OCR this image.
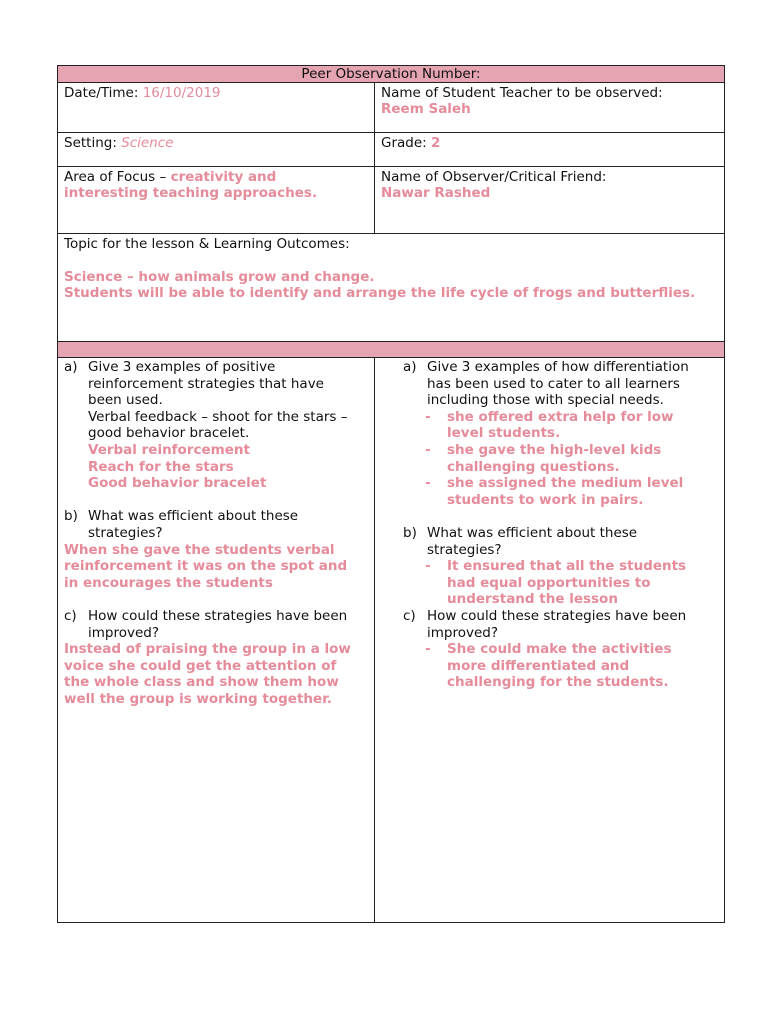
Peer Observation Number:
Date/Time: 16/10/2019	Name of Student Teacher to be observed:
Reem Saleh
Setting: Science	Grade: 2
Area of Focus – creativity and
interesting teaching approaches.
Name of Observer/Critical Friend:
Nawar Rashed
Topic for the lesson & Learning Outcomes:
Science – how animals grow and change.
Students will be able to identify and arrange the life cycle of frogs and butterflies.
a) Give 3 examples of positive
reinforcement strategies that have
been used.
Verbal feedback – shoot for the stars –
good behavior bracelet.
Verbal reinforcement
Reach for the stars
Good behavior bracelet
b) What was efficient about these
strategies?
When she gave the students verbal
reinforcement it was on the spot and
in encourages the students
c) How could these strategies have been
improved?
Instead of praising the group in a low
voice she could get the attention of
the whole class and show them how
well the group is working together.
a) Give 3 examples of how differentiation
has been used to cater to all learners
including those with special needs.
- she offered extra help for low
level students.
- she gave the high-level kids
challenging questions.
- she assigned the medium level
students to work in pairs.
b) What was efficient about these
strategies?
- It ensured that all the students
had equal opportunities to
understand the lesson
c) How could these strategies have been
improved?
- She could make the activities
more differentiated and
challenging for the students.
